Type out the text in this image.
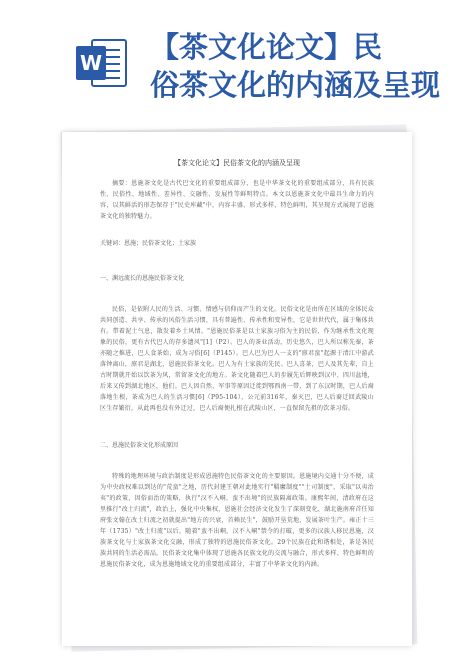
W 【茶文化论文】民
俗茶文化的内涵及呈现
【茶文化论文】民俗茶文化的内涵及呈现

摘要：恩施茶文化是古代巴文化的重要组成部分，也是中华茶文化的重要组成部分，具有民族性、民俗性、地域性、差异性、交融性、发展性等鲜明特点。本文以恩施茶文化中最具生命力的内容，以其鲜活的形态保存于"民史库藏"中，内容丰盛、形式多样，特色鲜明，其呈现方式展现了恩施茶文化的独特魅力。

关键词：恩施；民俗茶文化；土家族

一、渊远流长的恩施民俗茶文化

民俗，是依附人民的生活、习惯、情感与信仰而产生的文化。民俗文化是由所在区域的全体民众共同创造、共享、传承的风俗生活习惯，具有普遍性、传承性和变异性，它是世世代代，属于集体共有。带着泥土气息，散发着乡土风情。"恩施民俗茶是以土家族习俗为主的民俗，作为继承性文化现象的民俗，更有古代巴人的存多遗风"[1]（P2）。巴人的茶业活动，历史悠久，巴人所以称先秦，茶亦随之推进，巴人食茶始，成为习俗[6]（P145）。巴人巴为巴人一支的"廪君蛮"起源于清江中游武落钟离山，廪君是湖北，恩施民俗茶文化。巴人为有土家族的先民。巴人喜茶，巴人及其先辈，自上古时期就开始以饮茶为风，常留茶文化的地方。茶文化随着巴人的步履先后辉映到汉中、四川盆地，后来又传到湖北地区，他们。巴人因自然，军事等原因迁徙到鄂西南一带，到了东汉时期，巴人后裔落地生根，茶成为巴人的生活习惯[6]（P95-104），公元前316年，秦灭巴，巴人后裔迁回武陵山区生存繁衍，从此再也没有外迁过，巴人后裔便扎根在武陵山区，一直保留先祖的饮茶习俗。

二、恩施民俗茶文化形成原因

特殊的地理环境与政治制度是形成恩施特色民俗茶文化的主要原因。恩施境内交通十分不便，成为中央政权难以到达的"荒蛮"之地，历代封建王朝对此地实行"羁縻制度""土司制度"，采取"以夷治夷"的政策，因俗而治的策略，执行"汉不入峒，蛮不出境"的民族隔离政策。康熙年间，清政府在这里推行"改土归流"，政治上，强化中央集权，恩施社会经济文化发生了深刻变化，湖北施南府首任知府张文翰在改土归流之初就提出"地方的兴衰，首赖民生"，鼓励开垦荒地，发展茶叶生产。雍正十三年（1735）"改土归流"以后，随着"蛮不出峒，汉不入峒"禁令的打破，更多的汉族人移民恩施，汉族茶文化与土家族茶文化交融，形成了独特的恩施民俗茶文化。29个民族在此和谐相处，茶是各民族共同的生活必需品，民俗茶文化集中体现了恩施各民族文化的交流与融合，形式多样、特色鲜明的恩施民俗茶文化，成为恩施地域文化的重要组成部分，丰富了中华茶文化的内涵。
